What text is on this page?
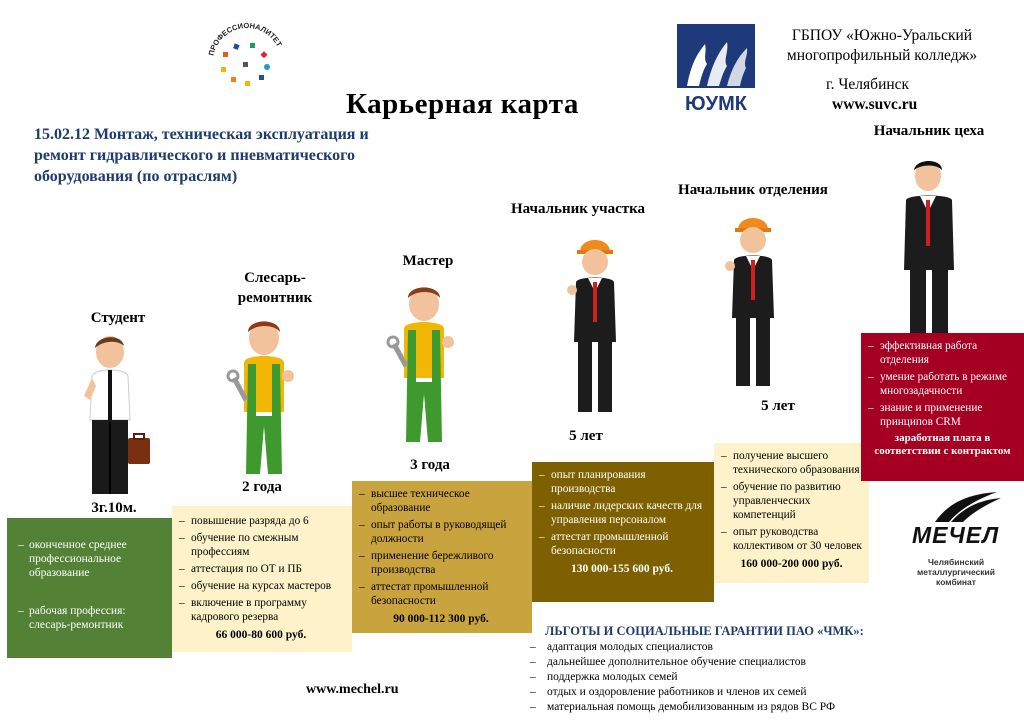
ПРОФЕССИОНАЛИТЕТ
Карьерная карта
15.02.12 Монтаж, техническая эксплуатация и ремонт гидравлического и пневматического оборудования (по отраслям)
ЮУМК
ГБПОУ «Южно-Уральский многопрофильный колледж»
г. Челябинск
www.suvc.ru
Студент
Слесарь-ремонтник
Мастер
Начальник участка
Начальник отделения
Начальник цеха
3г.10м.
2 года
3 года
5 лет
5 лет
– оконченное среднее профессиональное образование
– рабочая профессия: слесарь-ремонтник
– повышение разряда до 6
– обучение по смежным профессиям
– аттестация по ОТ и ПБ
– обучение на курсах мастеров
– включение в программу кадрового резерва
66 000-80 600 руб.
– высшее техническое образование
– опыт работы в руководящей должности
– применение бережливого производства
– аттестат промышленной безопасности
90 000-112 300 руб.
– опыт планирования производства
– наличие лидерских качеств для управления персоналом
– аттестат промышленной безопасности
130 000-155 600 руб.
– получение высшего технического образования
– обучение по развитию управленческих компетенций
– опыт руководства коллективом от 30 человек
160 000-200 000 руб.
– эффективная работа отделения
– умение работать в режиме многозадачности
– знание и применение принципов CRM
заработная плата в соответствии с контрактом
МЕЧЕЛ
Челябинский металлургический комбинат
ЛЬГОТЫ И СОЦИАЛЬНЫЕ ГАРАНТИИ ПАО «ЧМК»:
– адаптация молодых специалистов
– дальнейшее дополнительное обучение специалистов
– поддержка молодых семей
– отдых и оздоровление работников и членов их семей
– материальная помощь демобилизованным из рядов ВС РФ
www.mechel.ru
